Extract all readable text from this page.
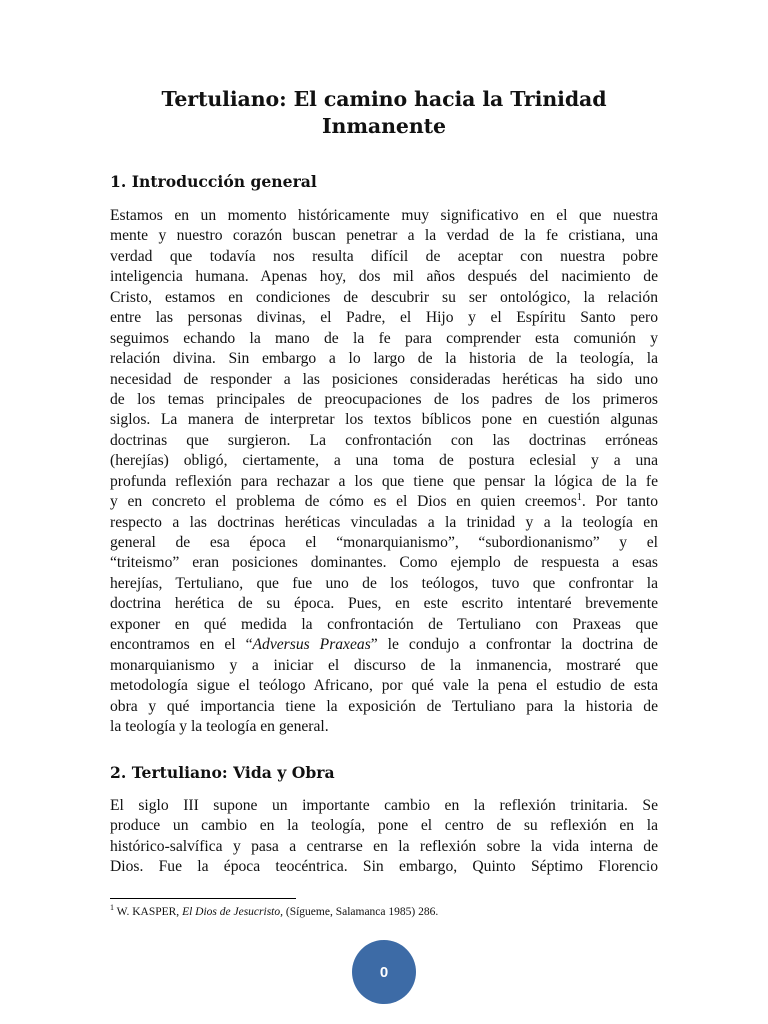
Tertuliano: El camino hacia la Trinidad
Inmanente
1. Introducción general
Estamos en un momento históricamente muy significativo en el que nuestra
mente y nuestro corazón buscan penetrar a la verdad de la fe cristiana, una
verdad que todavía nos resulta difícil de aceptar con nuestra pobre
inteligencia humana. Apenas hoy, dos mil años después del nacimiento de
Cristo, estamos en condiciones de descubrir su ser ontológico, la relación
entre las personas divinas, el Padre, el Hijo y el Espíritu Santo pero
seguimos echando la mano de la fe para comprender esta comunión y
relación divina. Sin embargo a lo largo de la historia de la teología, la
necesidad de responder a las posiciones consideradas heréticas ha sido uno
de los temas principales de preocupaciones de los padres de los primeros
siglos. La manera de interpretar los textos bíblicos pone en cuestión algunas
doctrinas que surgieron. La confrontación con las doctrinas erróneas
(herejías) obligó, ciertamente, a una toma de postura eclesial y a una
profunda reflexión para rechazar a los que tiene que pensar la lógica de la fe
y en concreto el problema de cómo es el Dios en quien creemos$^1$. Por tanto
respecto a las doctrinas heréticas vinculadas a la trinidad y a la teología en
general de esa época el “monarquianismo”, “subordionanismo” y el
“triteismo” eran posiciones dominantes. Como ejemplo de respuesta a esas
herejías, Tertuliano, que fue uno de los teólogos, tuvo que confrontar la
doctrina herética de su época. Pues, en este escrito intentaré brevemente
exponer en qué medida la confrontación de Tertuliano con Praxeas que
encontramos en el “Adversus Praxeas” le condujo a confrontar la doctrina de
monarquianismo y a iniciar el discurso de la inmanencia, mostraré que
metodología sigue el teólogo Africano, por qué vale la pena el estudio de esta
obra y qué importancia tiene la exposición de Tertuliano para la historia de
la teología y la teología en general.
2. Tertuliano: Vida y Obra
El siglo III supone un importante cambio en la reflexión trinitaria. Se
produce un cambio en la teología, pone el centro de su reflexión en la
histórico-salvífica y pasa a centrarse en la reflexión sobre la vida interna de
Dios. Fue la época teocéntrica. Sin embargo, Quinto Séptimo Florencio
$^1$ W. KASPER, El Dios de Jesucristo, (Sígueme, Salamanca 1985) 286.
0
